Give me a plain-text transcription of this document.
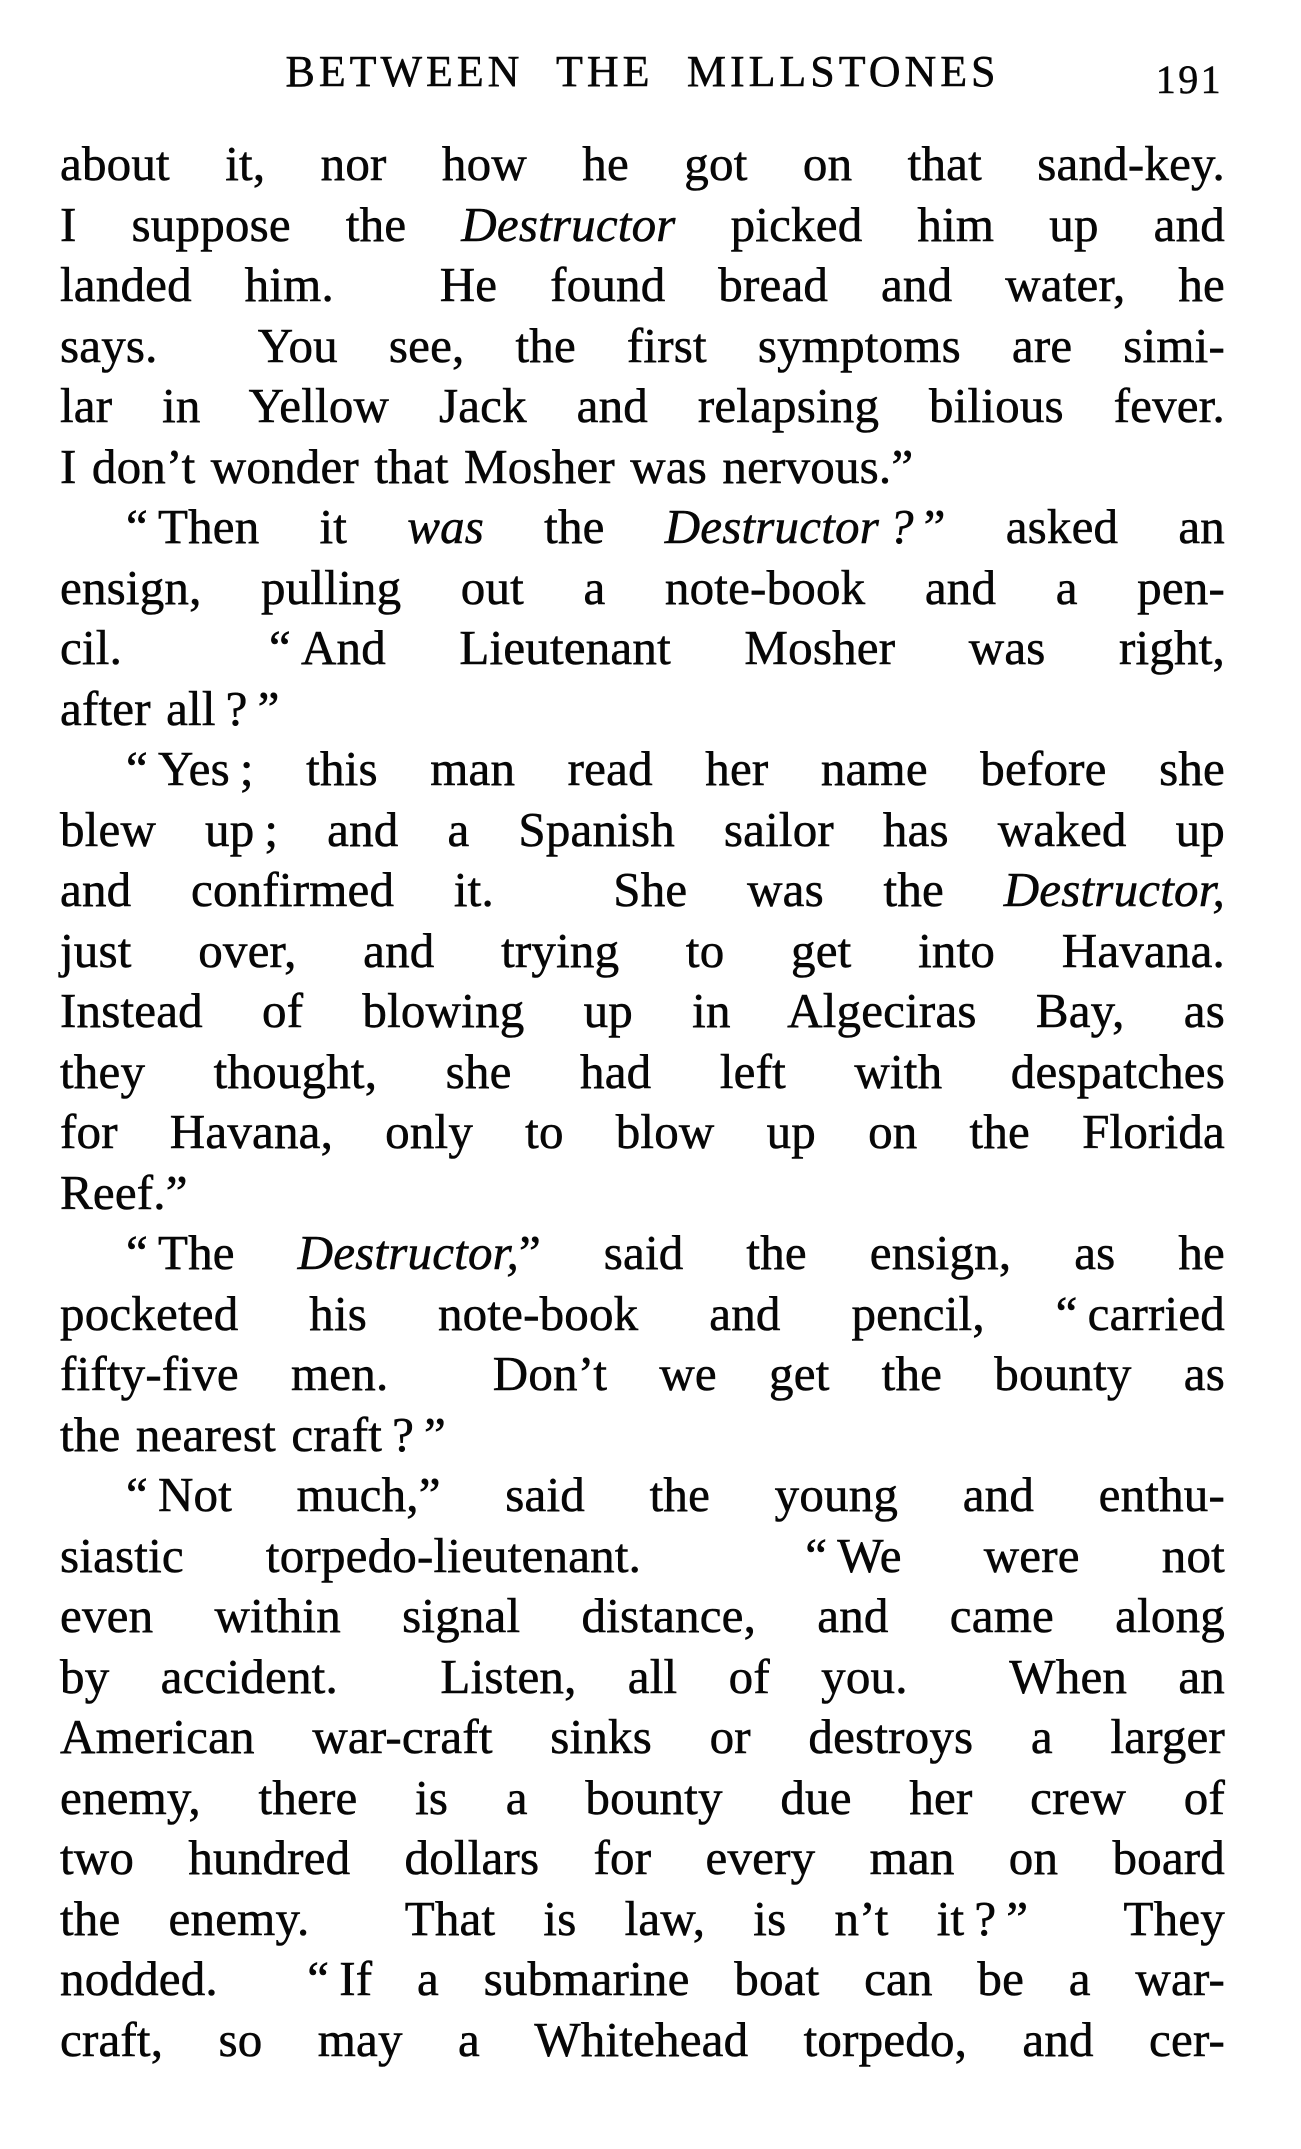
BETWEEN THE MILLSTONES	191
about it, nor how he got on that sand-key.
I suppose the Destructor picked him up and
landed him.  He found bread and water, he
says.  You see, the first symptoms are simi-
lar in Yellow Jack and relapsing bilious fever.
I don’t wonder that Mosher was nervous.”
“ Then it was the Destructor ? ” asked an
ensign, pulling out a note-book and a pen-
cil.  “ And Lieutenant Mosher was right,
after all ? ”
“ Yes ; this man read her name before she
blew up ; and a Spanish sailor has waked up
and confirmed it.  She was the Destructor,
just over, and trying to get into Havana.
Instead of blowing up in Algeciras Bay, as
they thought, she had left with despatches
for Havana, only to blow up on the Florida
Reef.”
“ The Destructor,” said the ensign, as he
pocketed his note-book and pencil, “ carried
fifty-five men.  Don’t we get the bounty as
the nearest craft ? ”
“ Not much,” said the young and enthu-
siastic torpedo-lieutenant.  “ We were not
even within signal distance, and came along
by accident.  Listen, all of you.  When an
American war-craft sinks or destroys a larger
enemy, there is a bounty due her crew of
two hundred dollars for every man on board
the enemy.  That is law, is n’t it ? ”  They
nodded.  “ If a submarine boat can be a war-
craft, so may a Whitehead torpedo, and cer-
